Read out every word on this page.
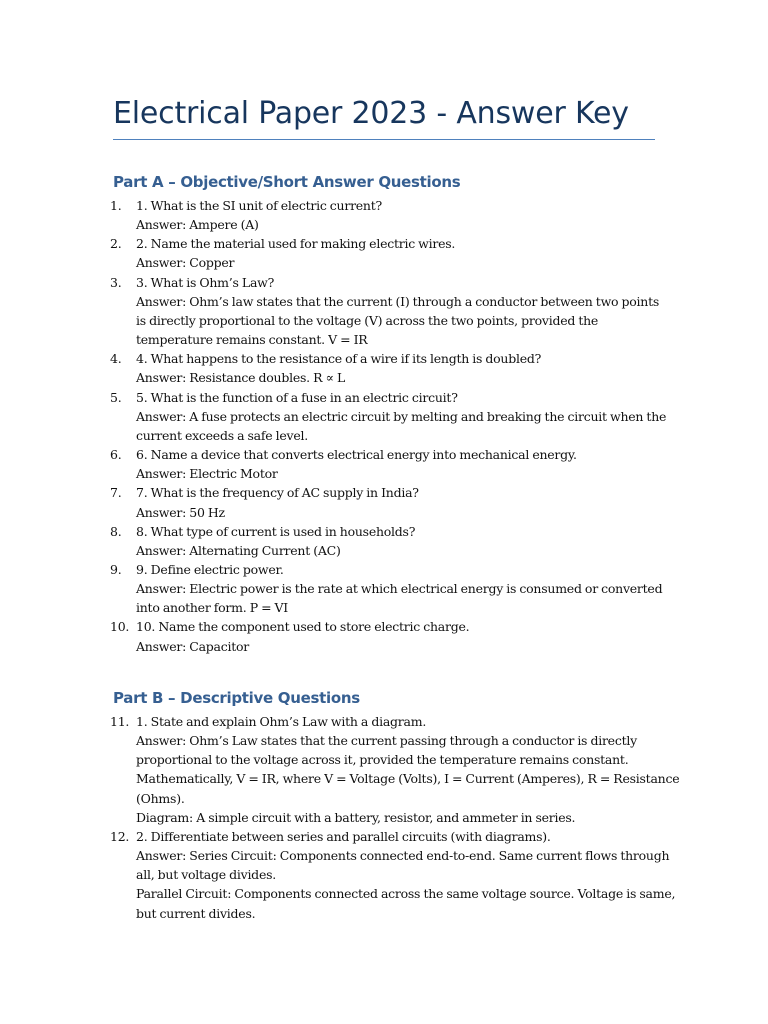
Electrical Paper 2023 - Answer Key
Part A – Objective/Short Answer Questions
1. 1. What is the SI unit of electric current?
Answer: Ampere (A)
2. 2. Name the material used for making electric wires.
Answer: Copper
3. 3. What is Ohm’s Law?
Answer: Ohm’s law states that the current (I) through a conductor between two points
is directly proportional to the voltage (V) across the two points, provided the
temperature remains constant. V = IR
4. 4. What happens to the resistance of a wire if its length is doubled?
Answer: Resistance doubles. R ∝ L
5. 5. What is the function of a fuse in an electric circuit?
Answer: A fuse protects an electric circuit by melting and breaking the circuit when the
current exceeds a safe level.
6. 6. Name a device that converts electrical energy into mechanical energy.
Answer: Electric Motor
7. 7. What is the frequency of AC supply in India?
Answer: 50 Hz
8. 8. What type of current is used in households?
Answer: Alternating Current (AC)
9. 9. Define electric power.
Answer: Electric power is the rate at which electrical energy is consumed or converted
into another form. P = VI
10. 10. Name the component used to store electric charge.
Answer: Capacitor
Part B – Descriptive Questions
11. 1. State and explain Ohm’s Law with a diagram.
Answer: Ohm’s Law states that the current passing through a conductor is directly
proportional to the voltage across it, provided the temperature remains constant.
Mathematically, V = IR, where V = Voltage (Volts), I = Current (Amperes), R = Resistance
(Ohms).
Diagram: A simple circuit with a battery, resistor, and ammeter in series.
12. 2. Differentiate between series and parallel circuits (with diagrams).
Answer: Series Circuit: Components connected end-to-end. Same current flows through
all, but voltage divides.
Parallel Circuit: Components connected across the same voltage source. Voltage is same,
but current divides.
